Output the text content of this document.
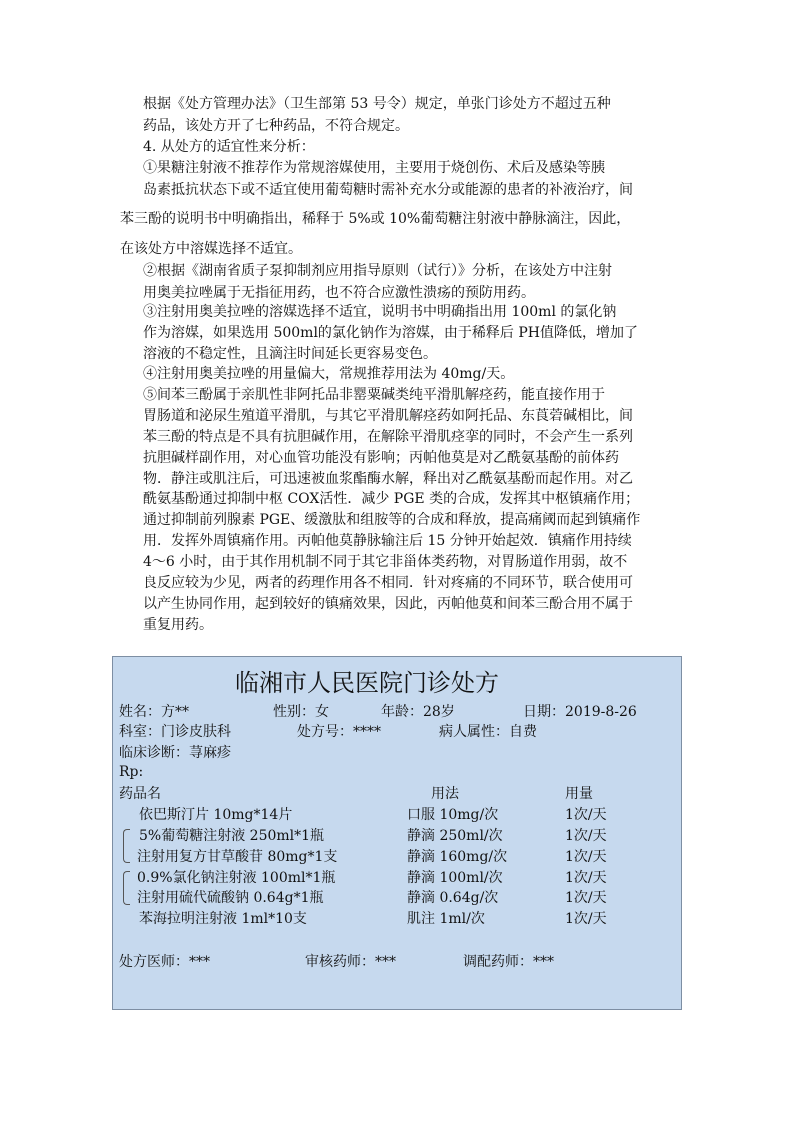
根据《处方管理办法》（卫生部第 53 号令）规定，单张门诊处方不超过五种
药品，该处方开了七种药品，不符合规定。
4. 从处方的适宜性来分析：
①果糖注射液不推荐作为常规溶媒使用，主要用于烧创伤、术后及感染等胰
岛素抵抗状态下或不适宜使用葡萄糖时需补充水分或能源的患者的补液治疗，间
苯三酚的说明书中明确指出，稀释于 5%或 10%葡萄糖注射液中静脉滴注，因此，
在该处方中溶媒选择不适宜。
②根据《湖南省质子泵抑制剂应用指导原则（试行）》分析，在该处方中注射
用奥美拉唑属于无指征用药，也不符合应激性溃疡的预防用药。
③注射用奥美拉唑的溶媒选择不适宜，说明书中明确指出用 100ml 的氯化钠
作为溶媒，如果选用 500ml的氯化钠作为溶媒，由于稀释后 PH值降低，增加了
溶液的不稳定性，且滴注时间延长更容易变色。
④注射用奥美拉唑的用量偏大，常规推荐用法为 40mg/天。
⑤间苯三酚属于亲肌性非阿托品非罂粟碱类纯平滑肌解痉药，能直接作用于
胃肠道和泌尿生殖道平滑肌，与其它平滑肌解痉药如阿托品、东莨菪碱相比，间
苯三酚的特点是不具有抗胆碱作用，在解除平滑肌痉挛的同时，不会产生一系列
抗胆碱样副作用，对心血管功能没有影响；丙帕他莫是对乙酰氨基酚的前体药
物．静注或肌注后，可迅速被血浆酯酶水解，释出对乙酰氨基酚而起作用。对乙
酰氨基酚通过抑制中枢 COX活性．减少 PGE 类的合成，发挥其中枢镇痛作用；
通过抑制前列腺素 PGE、缓激肽和组胺等的合成和释放，提高痛阈而起到镇痛作
用．发挥外周镇痛作用。丙帕他莫静脉输注后 15 分钟开始起效．镇痛作用持续
4～6 小时，由于其作用机制不同于其它非甾体类药物，对胃肠道作用弱，故不
良反应较为少见，两者的药理作用各不相同．针对疼痛的不同环节，联合使用可
以产生协同作用，起到较好的镇痛效果，因此，丙帕他莫和间苯三酚合用不属于
重复用药。
临湘市人民医院门诊处方
姓名：方**	性别：女	年龄：28岁	日期：2019-8-26
科室：门诊皮肤科	处方号：****	病人属性：自费
临床诊断：荨麻疹
Rp:
药品名	用法	用量
依巴斯汀片 10mg*14片	口服 10mg/次	1次/天
5%葡萄糖注射液 250ml*1瓶	静滴 250ml/次	1次/天
注射用复方甘草酸苷 80mg*1支	静滴 160mg/次	1次/天
0.9%氯化钠注射液 100ml*1瓶	静滴 100ml/次	1次/天
注射用硫代硫酸钠 0.64g*1瓶	静滴 0.64g/次	1次/天
苯海拉明注射液 1ml*10支	肌注 1ml/次	1次/天
处方医师：***	审核药师：***	调配药师：***
